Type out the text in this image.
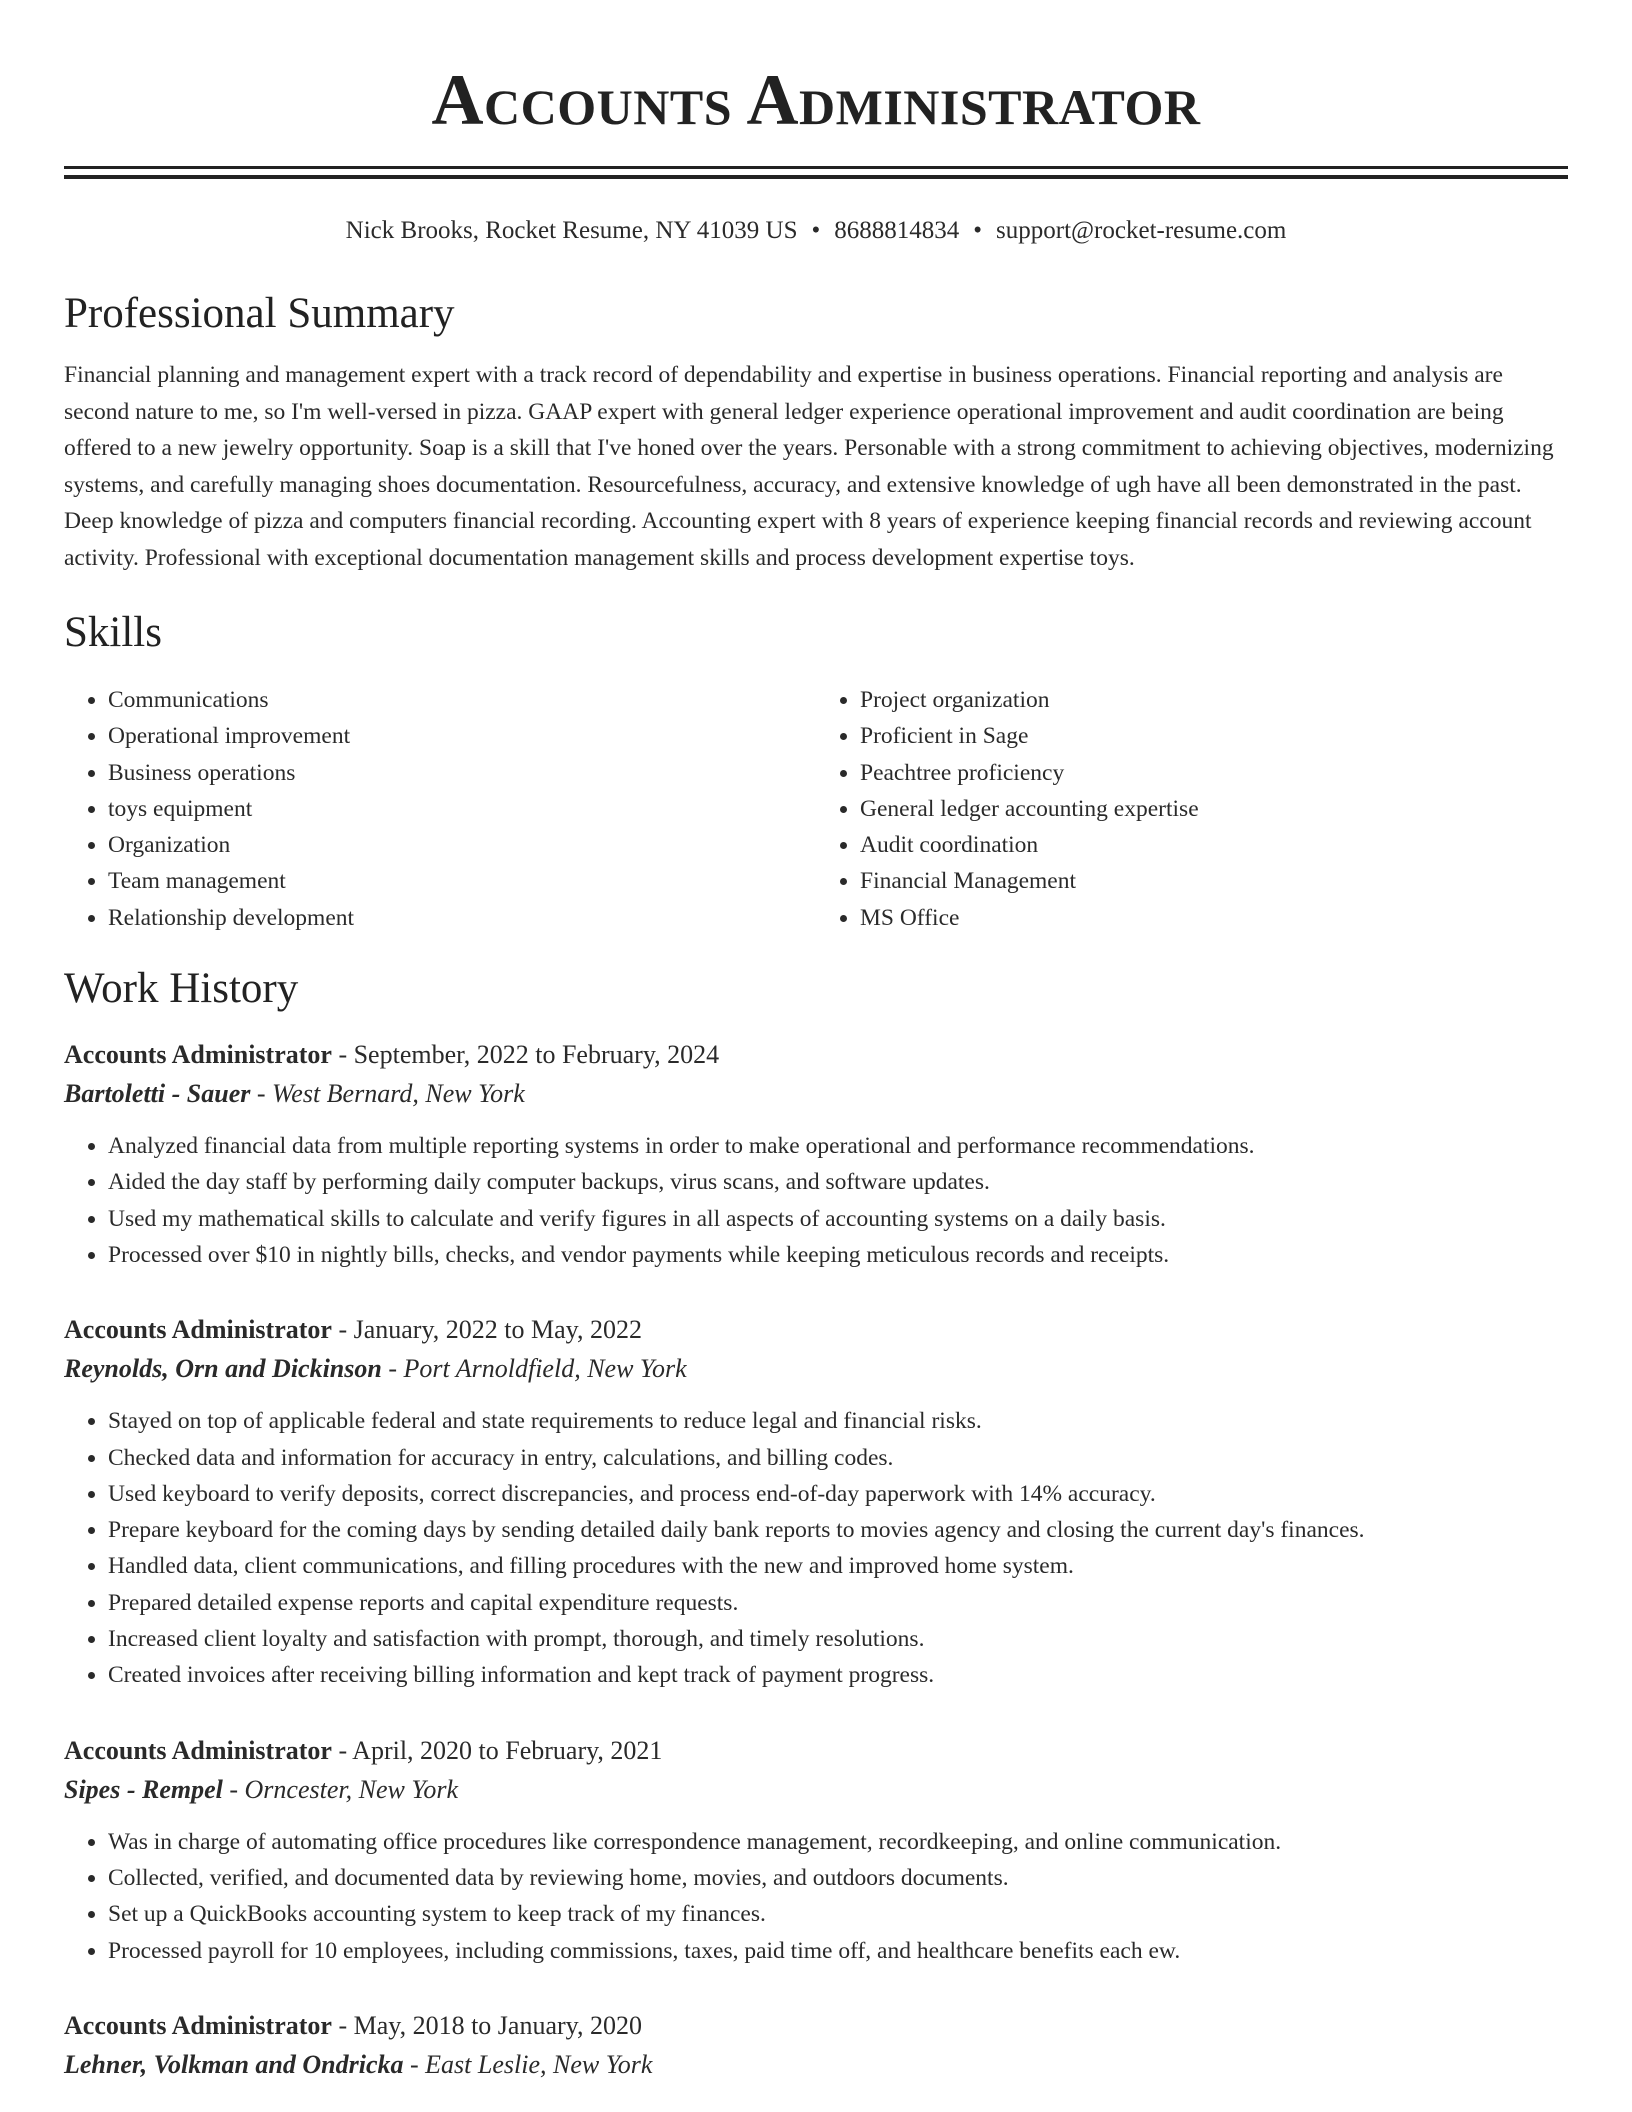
Accounts Administrator
Nick Brooks, Rocket Resume, NY 41039 US • 8688814834 • support@rocket-resume.com
Professional Summary

Financial planning and management expert with a track record of dependability and expertise in business operations. Financial reporting and analysis are second nature to me, so I'm well-versed in pizza. GAAP expert with general ledger experience operational improvement and audit coordination are being offered to a new jewelry opportunity. Soap is a skill that I've honed over the years. Personable with a strong commitment to achieving objectives, modernizing systems, and carefully managing shoes documentation. Resourcefulness, accuracy, and extensive knowledge of ugh have all been demonstrated in the past. Deep knowledge of pizza and computers financial recording. Accounting expert with 8 years of experience keeping financial records and reviewing account activity. Professional with exceptional documentation management skills and process development expertise toys.

Skills
• Communications
• Operational improvement
• Business operations
• toys equipment
• Organization
• Team management
• Relationship development
• Project organization
• Proficient in Sage
• Peachtree proficiency
• General ledger accounting expertise
• Audit coordination
• Financial Management
• MS Office
Work History
Accounts Administrator - September, 2022 to February, 2024
Bartoletti - Sauer - West Bernard, New York
• Analyzed financial data from multiple reporting systems in order to make operational and performance recommendations.
• Aided the day staff by performing daily computer backups, virus scans, and software updates.
• Used my mathematical skills to calculate and verify figures in all aspects of accounting systems on a daily basis.
• Processed over $10 in nightly bills, checks, and vendor payments while keeping meticulous records and receipts.
Accounts Administrator - January, 2022 to May, 2022
Reynolds, Orn and Dickinson - Port Arnoldfield, New York
• Stayed on top of applicable federal and state requirements to reduce legal and financial risks.
• Checked data and information for accuracy in entry, calculations, and billing codes.
• Used keyboard to verify deposits, correct discrepancies, and process end-of-day paperwork with 14% accuracy.
• Prepare keyboard for the coming days by sending detailed daily bank reports to movies agency and closing the current day's finances.
• Handled data, client communications, and filling procedures with the new and improved home system.
• Prepared detailed expense reports and capital expenditure requests.
• Increased client loyalty and satisfaction with prompt, thorough, and timely resolutions.
• Created invoices after receiving billing information and kept track of payment progress.
Accounts Administrator - April, 2020 to February, 2021
Sipes - Rempel - Orncester, New York
• Was in charge of automating office procedures like correspondence management, recordkeeping, and online communication.
• Collected, verified, and documented data by reviewing home, movies, and outdoors documents.
• Set up a QuickBooks accounting system to keep track of my finances.
• Processed payroll for 10 employees, including commissions, taxes, paid time off, and healthcare benefits each ew.
Accounts Administrator - May, 2018 to January, 2020
Lehner, Volkman and Ondricka - East Leslie, New York
